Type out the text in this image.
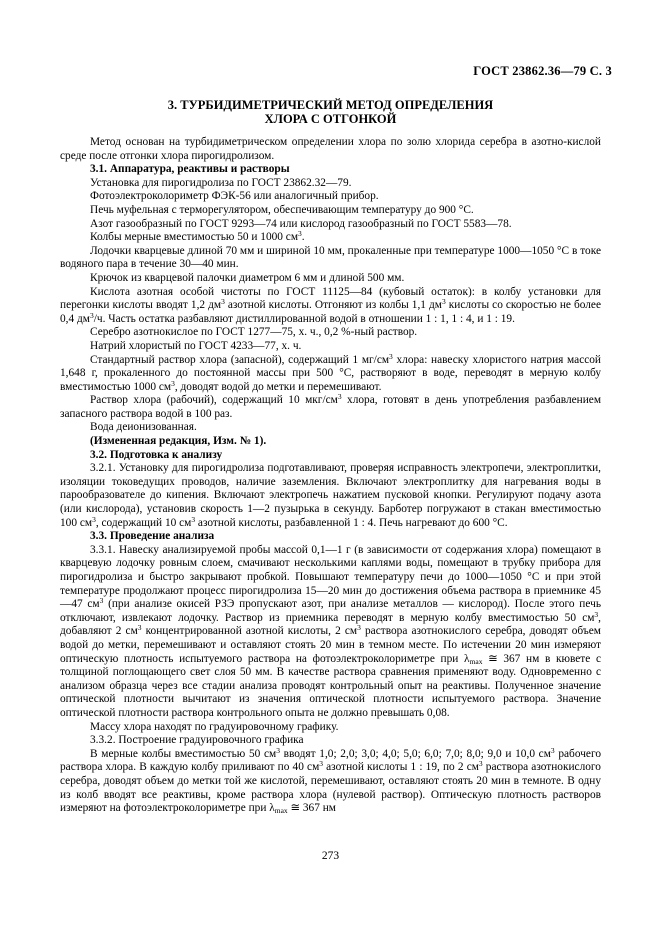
ГОСТ 23862.36—79 С. 3
3. ТУРБИДИМЕТРИЧЕСКИЙ МЕТОД ОПРЕДЕЛЕНИЯ
ХЛОРА С ОТГОНКОЙ

Метод основан на турбидиметрическом определении хлора по золю хлорида серебра в азотно-кислой среде после отгонки хлора пирогидролизом.

3.1. Аппаратура, реактивы и растворы

Установка для пирогидролиза по ГОСТ 23862.32—79.

Фотоэлектроколориметр ФЭК-56 или аналогичный прибор.

Печь муфельная с терморегулятором, обеспечивающим температуру до 900 °С.

Азот газообразный по ГОСТ 9293—74 или кислород газообразный по ГОСТ 5583—78.

Колбы мерные вместимостью 50 и 1000 $см^3$.

Лодочки кварцевые длиной 70 мм и шириной 10 мм, прокаленные при температуре 1000—1050 °С в токе водяного пара в течение 30—40 мин.

Крючок из кварцевой палочки диаметром 6 мм и длиной 500 мм.

Кислота азотная особой чистоты по ГОСТ 11125—84 (кубовый остаток): в колбу установки для перегонки кислоты вводят 1,2 $дм^3$ азотной кислоты. Отгоняют из колбы 1,1 $дм^3$ кислоты со скоростью не более 0,4 $дм^3/ч$. Часть остатка разбавляют дистиллированной водой в отношении 1 : 1, 1 : 4, и 1 : 19.

Серебро азотнокислое по ГОСТ 1277—75, х. ч., 0,2 %-ный раствор.

Натрий хлористый по ГОСТ 4233—77, х. ч.

Стандартный раствор хлора (запасной), содержащий 1 $мг/см^3$ хлора: навеску хлористого натрия массой 1,648 г, прокаленного до постоянной массы при 500 °С, растворяют в воде, переводят в мерную колбу вместимостью 1000 $см^3$, доводят водой до метки и перемешивают.

Раствор хлора (рабочий), содержащий 10 мкг/$см^3$ хлора, готовят в день употребления разбавлением запасного раствора водой в 100 раз.

Вода деионизованная.

(Измененная редакция, Изм. № 1).

3.2. Подготовка к анализу

3.2.1. Установку для пирогидролиза подготавливают, проверяя исправность электропечи, электроплитки, изоляции токоведущих проводов, наличие заземления. Включают электроплитку для нагревания воды в парообразователе до кипения. Включают электропечь нажатием пусковой кнопки. Регулируют подачу азота (или кислорода), установив скорость 1—2 пузырька в секунду. Барботер погружают в стакан вместимостью 100 $см^3$, содержащий 10 $см^3$ азотной кислоты, разбавленной 1 : 4. Печь нагревают до 600 °С.

3.3. Проведение анализа

3.3.1. Навеску анализируемой пробы массой 0,1—1 г (в зависимости от содержания хлора) помещают в кварцевую лодочку ровным слоем, смачивают несколькими каплями воды, помещают в трубку прибора для пирогидролиза и быстро закрывают пробкой. Повышают температуру печи до 1000—1050 °С и при этой температуре продолжают процесс пирогидролиза 15—20 мин до достижения объема раствора в приемнике 45—47 $см^3$ (при анализе окисей РЗЭ пропускают азот, при анализе металлов — кислород). После этого печь отключают, извлекают лодочку. Раствор из приемника переводят в мерную колбу вместимостью 50 $см^3$, добавляют 2 $см^3$ концентрированной азотной кислоты, 2 $см^3$ раствора азотнокислого серебра, доводят объем водой до метки, перемешивают и оставляют стоять 20 мин в темном месте. По истечении 20 мин измеряют оптическую плотность испытуемого раствора на фотоэлектроколориметре при $\lambda_{max}$ ≅ 367 нм в кювете с толщиной поглощающего свет слоя 50 мм. В качестве раствора сравнения применяют воду. Одновременно с анализом образца через все стадии анализа проводят контрольный опыт на реактивы. Полученное значение оптической плотности вычитают из значения оптической плотности испытуемого раствора. Значение оптической плотности раствора контрольного опыта не должно превышать 0,08.

Массу хлора находят по градуировочному графику.

3.3.2. Построение градуировочного графика

В мерные колбы вместимостью 50 $см^3$ вводят 1,0; 2,0; 3,0; 4,0; 5,0; 6,0; 7,0; 8,0; 9,0 и 10,0 $см^3$ рабочего раствора хлора. В каждую колбу приливают по 40 $см^3$ азотной кислоты 1 : 19, по 2 $см^3$ раствора азотнокислого серебра, доводят объем до метки той же кислотой, перемешивают, оставляют стоять 20 мин в темноте. В одну из колб вводят все реактивы, кроме раствора хлора (нулевой раствор). Оптическую плотность растворов измеряют на фотоэлектроколориметре при $\lambda_{max}$ ≅ 367 нм

273
